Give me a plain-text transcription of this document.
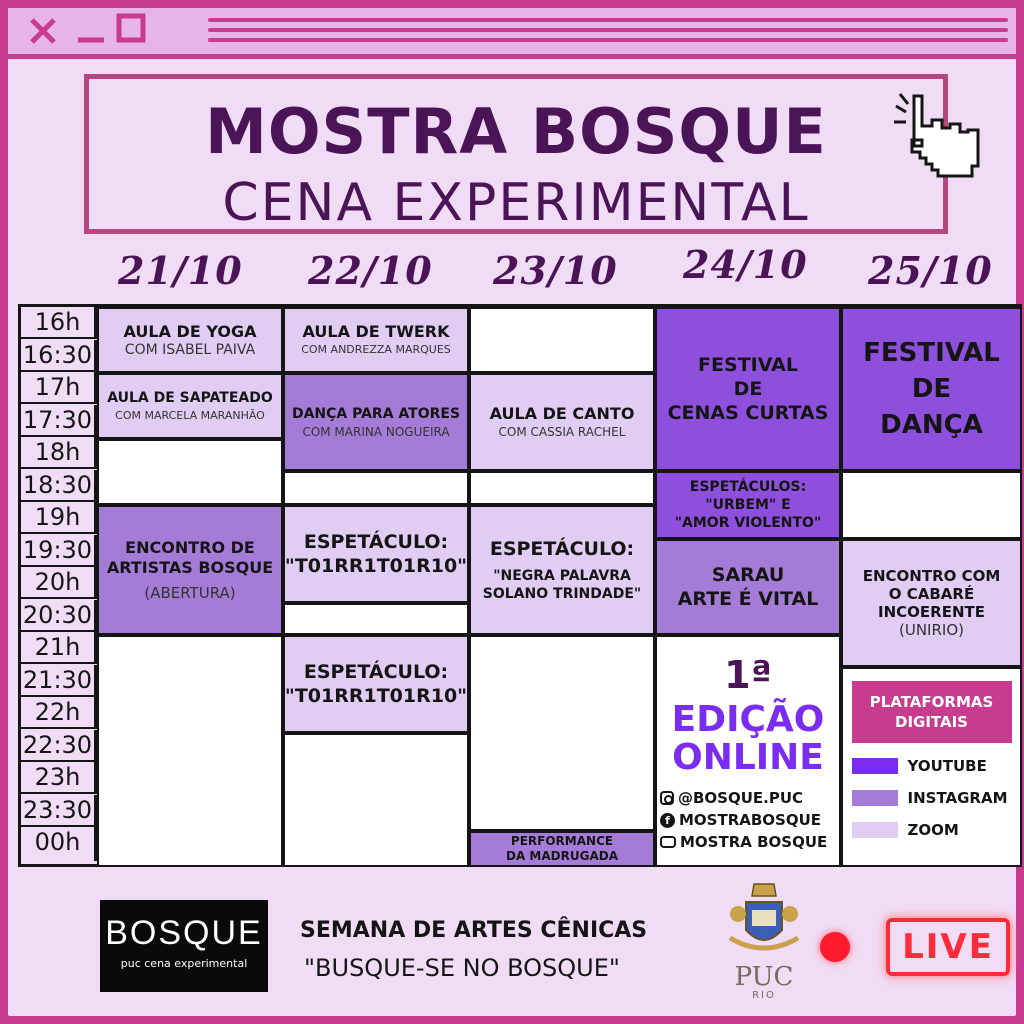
MOSTRA BOSQUE
CENA EXPERIMENTAL
21/10 22/10 23/10 24/10 25/10
16h
16:30
17h
17:30
18h
18:30
19h
19:30
20h
20:30
21h
21:30
22h
22:30
23h
23:30
00h
AULA DE YOGA
COM ISABEL PAIVA
AULA DE SAPATEADO
COM MARCELA MARANHÃO
ENCONTRO DE
ARTISTAS BOSQUE
(ABERTURA)
AULA DE TWERK
COM ANDREZZA MARQUES
DANÇA PARA ATORES
COM MARINA NOGUEIRA
ESPETÁCULO:
"T01RR1T01R10"
ESPETÁCULO:
"T01RR1T01R10"
AULA DE CANTO
COM CASSIA RACHEL
ESPETÁCULO:
"NEGRA PALAVRA
SOLANO TRINDADE"
PERFORMANCE
DA MADRUGADA
FESTIVAL
DE
CENAS CURTAS
ESPETÁCULOS:
"URBEM" E
"AMOR VIOLENTO"
SARAU
ARTE É VITAL
1ª
EDIÇÃO
ONLINE
@BOSQUE.PUC
f MOSTRABOSQUE
MOSTRA BOSQUE
FESTIVAL
DE
DANÇA
ENCONTRO COM
O CABARÉ
INCOERENTE
(UNIRIO)
PLATAFORMAS
DIGITAIS
YOUTUBE
INSTAGRAM
ZOOM
BOSQUE
puc cena experimental
SEMANA DE ARTES CÊNICAS
"BUSQUE-SE NO BOSQUE"	PUC
RIO
LIVE
